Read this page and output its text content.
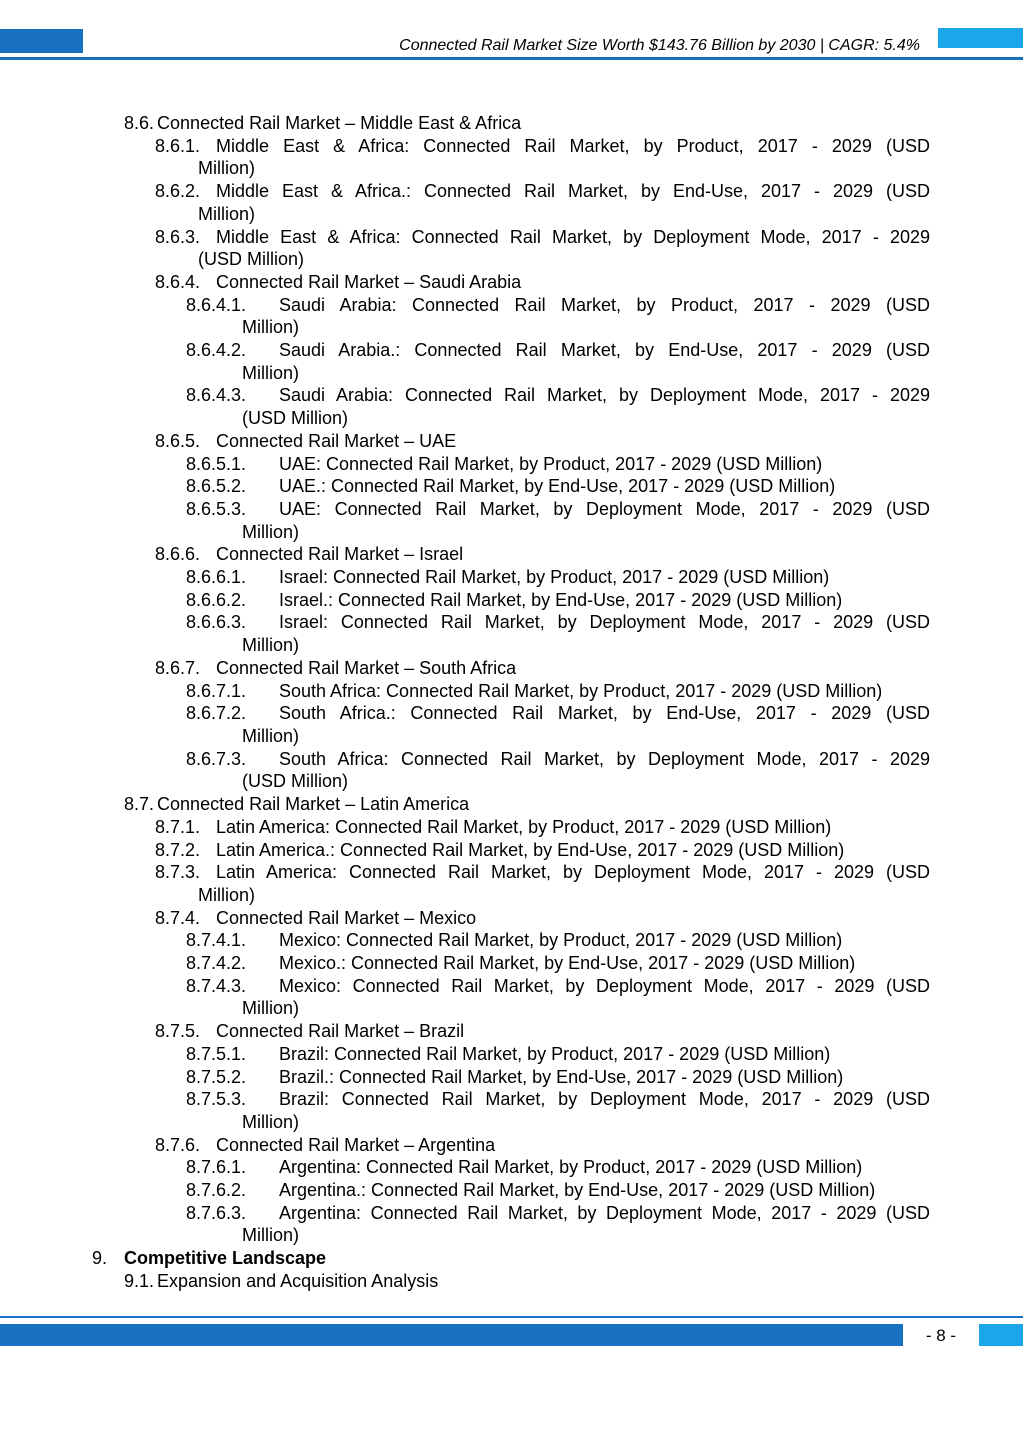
Connected Rail Market Size Worth $143.76 Billion by 2030 | CAGR: 5.4%
8.6. Connected Rail Market – Middle East & Africa
8.6.1. Middle East & Africa: Connected Rail Market, by Product, 2017 - 2029 (USD
Million)
8.6.2. Middle East & Africa.: Connected Rail Market, by End-Use, 2017 - 2029 (USD
Million)
8.6.3. Middle East & Africa: Connected Rail Market, by Deployment Mode, 2017 - 2029
(USD Million)
8.6.4. Connected Rail Market – Saudi Arabia
8.6.4.1.	Saudi Arabia: Connected Rail Market, by Product, 2017 - 2029 (USD
Million)
8.6.4.2.	Saudi Arabia.: Connected Rail Market, by End-Use, 2017 - 2029 (USD
Million)
8.6.4.3.	Saudi Arabia: Connected Rail Market, by Deployment Mode, 2017 - 2029
(USD Million)
8.6.5. Connected Rail Market – UAE
8.6.5.1.	UAE: Connected Rail Market, by Product, 2017 - 2029 (USD Million)
8.6.5.2.	UAE.: Connected Rail Market, by End-Use, 2017 - 2029 (USD Million)
8.6.5.3.	UAE: Connected Rail Market, by Deployment Mode, 2017 - 2029 (USD
Million)
8.6.6. Connected Rail Market – Israel
8.6.6.1.	Israel: Connected Rail Market, by Product, 2017 - 2029 (USD Million)
8.6.6.2.	Israel.: Connected Rail Market, by End-Use, 2017 - 2029 (USD Million)
8.6.6.3.	Israel: Connected Rail Market, by Deployment Mode, 2017 - 2029 (USD
Million)
8.6.7. Connected Rail Market – South Africa
8.6.7.1.	South Africa: Connected Rail Market, by Product, 2017 - 2029 (USD Million)
8.6.7.2.	South Africa.: Connected Rail Market, by End-Use, 2017 - 2029 (USD
Million)
8.6.7.3.	South Africa: Connected Rail Market, by Deployment Mode, 2017 - 2029
(USD Million)
8.7. Connected Rail Market – Latin America
8.7.1. Latin America: Connected Rail Market, by Product, 2017 - 2029 (USD Million)
8.7.2. Latin America.: Connected Rail Market, by End-Use, 2017 - 2029 (USD Million)
8.7.3. Latin America: Connected Rail Market, by Deployment Mode, 2017 - 2029 (USD
Million)
8.7.4. Connected Rail Market – Mexico
8.7.4.1.	Mexico: Connected Rail Market, by Product, 2017 - 2029 (USD Million)
8.7.4.2.	Mexico.: Connected Rail Market, by End-Use, 2017 - 2029 (USD Million)
8.7.4.3.	Mexico: Connected Rail Market, by Deployment Mode, 2017 - 2029 (USD
Million)
8.7.5. Connected Rail Market – Brazil
8.7.5.1.	Brazil: Connected Rail Market, by Product, 2017 - 2029 (USD Million)
8.7.5.2.	Brazil.: Connected Rail Market, by End-Use, 2017 - 2029 (USD Million)
8.7.5.3.	Brazil: Connected Rail Market, by Deployment Mode, 2017 - 2029 (USD
Million)
8.7.6. Connected Rail Market – Argentina
8.7.6.1.	Argentina: Connected Rail Market, by Product, 2017 - 2029 (USD Million)
8.7.6.2.	Argentina.: Connected Rail Market, by End-Use, 2017 - 2029 (USD Million)
8.7.6.3.	Argentina: Connected Rail Market, by Deployment Mode, 2017 - 2029 (USD
Million)
9. Competitive Landscape
9.1. Expansion and Acquisition Analysis
- 8 -
